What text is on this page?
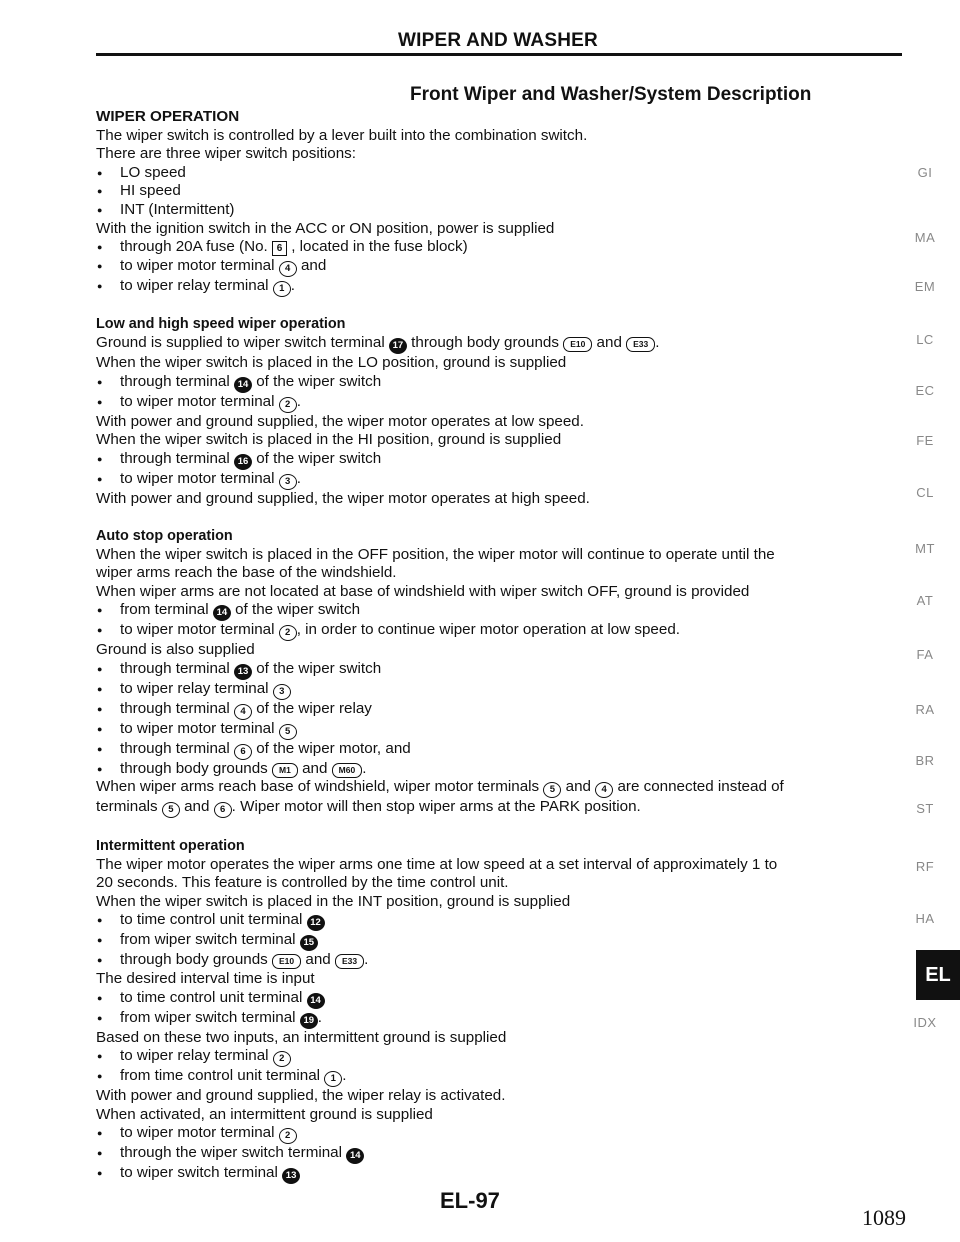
WIPER AND WASHER
Front Wiper and Washer/System Description

WIPER OPERATION

The wiper switch is controlled by a lever built into the combination switch.

There are three wiper switch positions:

● LO speed

● HI speed

● INT (Intermittent)

With the ignition switch in the ACC or ON position, power is supplied

● through 20A fuse (No. 6 , located in the fuse block)

● to wiper motor terminal 4 and

● to wiper relay terminal 1 .

Low and high speed wiper operation

Ground is supplied to wiper switch terminal 17 through body grounds E10 and E33 .

When the wiper switch is placed in the LO position, ground is supplied

● through terminal 14 of the wiper switch

● to wiper motor terminal 2 .

With power and ground supplied, the wiper motor operates at low speed.

When the wiper switch is placed in the HI position, ground is supplied

● through terminal 16 of the wiper switch

● to wiper motor terminal 3 .

With power and ground supplied, the wiper motor operates at high speed.

Auto stop operation

When the wiper switch is placed in the OFF position, the wiper motor will continue to operate until the

wiper arms reach the base of the windshield.

When wiper arms are not located at base of windshield with wiper switch OFF, ground is provided

● from terminal 14 of the wiper switch

● to wiper motor terminal 2 , in order to continue wiper motor operation at low speed.

Ground is also supplied

● through terminal 13 of the wiper switch

● to wiper relay terminal 3

● through terminal 4 of the wiper relay

● to wiper motor terminal 5

● through terminal 6 of the wiper motor, and

● through body grounds M1 and M60 .

When wiper arms reach base of windshield, wiper motor terminals 5 and 4 are connected instead of

terminals 5 and 6 . Wiper motor will then stop wiper arms at the PARK position.

Intermittent operation

The wiper motor operates the wiper arms one time at low speed at a set interval of approximately 1 to

20 seconds. This feature is controlled by the time control unit.

When the wiper switch is placed in the INT position, ground is supplied

● to time control unit terminal 12

● from wiper switch terminal 15

● through body grounds E10 and E33 .

The desired interval time is input

● to time control unit terminal 14

● from wiper switch terminal 19 .

Based on these two inputs, an intermittent ground is supplied

● to wiper relay terminal 2

● from time control unit terminal 1 .

With power and ground supplied, the wiper relay is activated.

When activated, an intermittent ground is supplied

● to wiper motor terminal 2

● through the wiper switch terminal 14

● to wiper switch terminal 13

GI
MA
EM
LC
EC
FE
CL
MT
AT
FA
RA
BR
ST
RF
HA
IDX
EL
EL-97
1089
